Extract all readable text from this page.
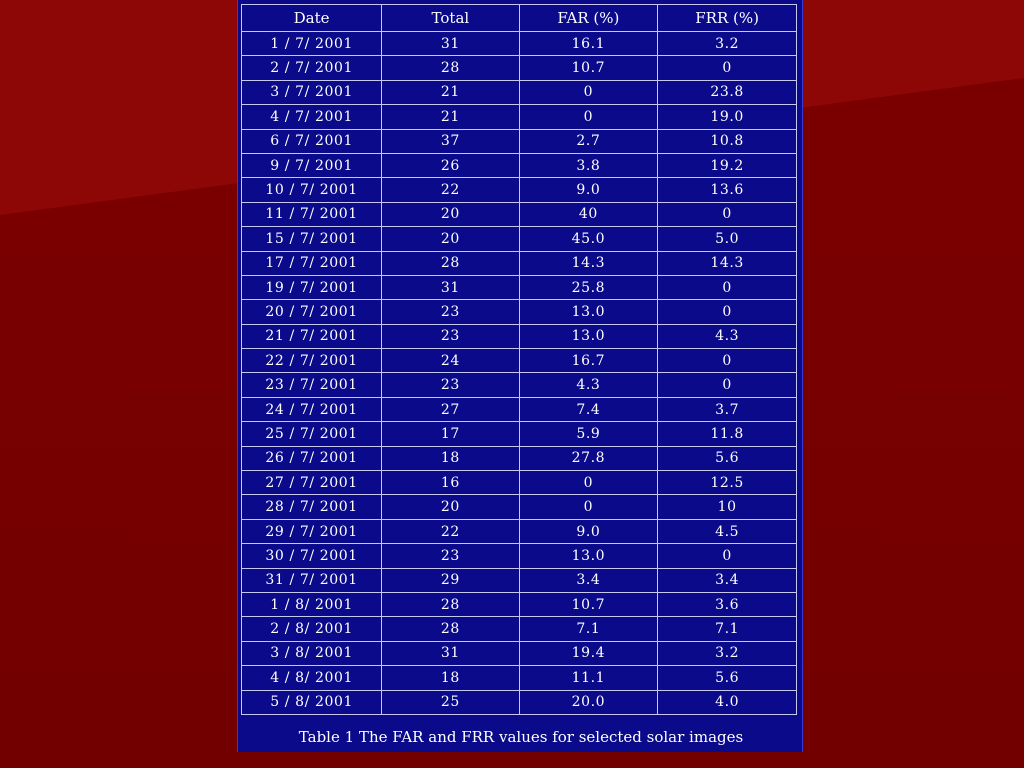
Date	Total	FAR (%)	FRR (%)
1 / 7/ 2001	31	16.1	3.2
2 / 7/ 2001	28	10.7	0
3 / 7/ 2001	21	0	23.8
4 / 7/ 2001	21	0	19.0
6 / 7/ 2001	37	2.7	10.8
9 / 7/ 2001	26	3.8	19.2
10 / 7/ 2001	22	9.0	13.6
11 / 7/ 2001	20	40	0
15 / 7/ 2001	20	45.0	5.0
17 / 7/ 2001	28	14.3	14.3
19 / 7/ 2001	31	25.8	0
20 / 7/ 2001	23	13.0	0
21 / 7/ 2001	23	13.0	4.3
22 / 7/ 2001	24	16.7	0
23 / 7/ 2001	23	4.3	0
24 / 7/ 2001	27	7.4	3.7
25 / 7/ 2001	17	5.9	11.8
26 / 7/ 2001	18	27.8	5.6
27 / 7/ 2001	16	0	12.5
28 / 7/ 2001	20	0	10
29 / 7/ 2001	22	9.0	4.5
30 / 7/ 2001	23	13.0	0
31 / 7/ 2001	29	3.4	3.4
1 / 8/ 2001	28	10.7	3.6
2 / 8/ 2001	28	7.1	7.1
3 / 8/ 2001	31	19.4	3.2
4 / 8/ 2001	18	11.1	5.6
5 / 8/ 2001	25	20.0	4.0
Table 1 The FAR and FRR values for selected solar images
